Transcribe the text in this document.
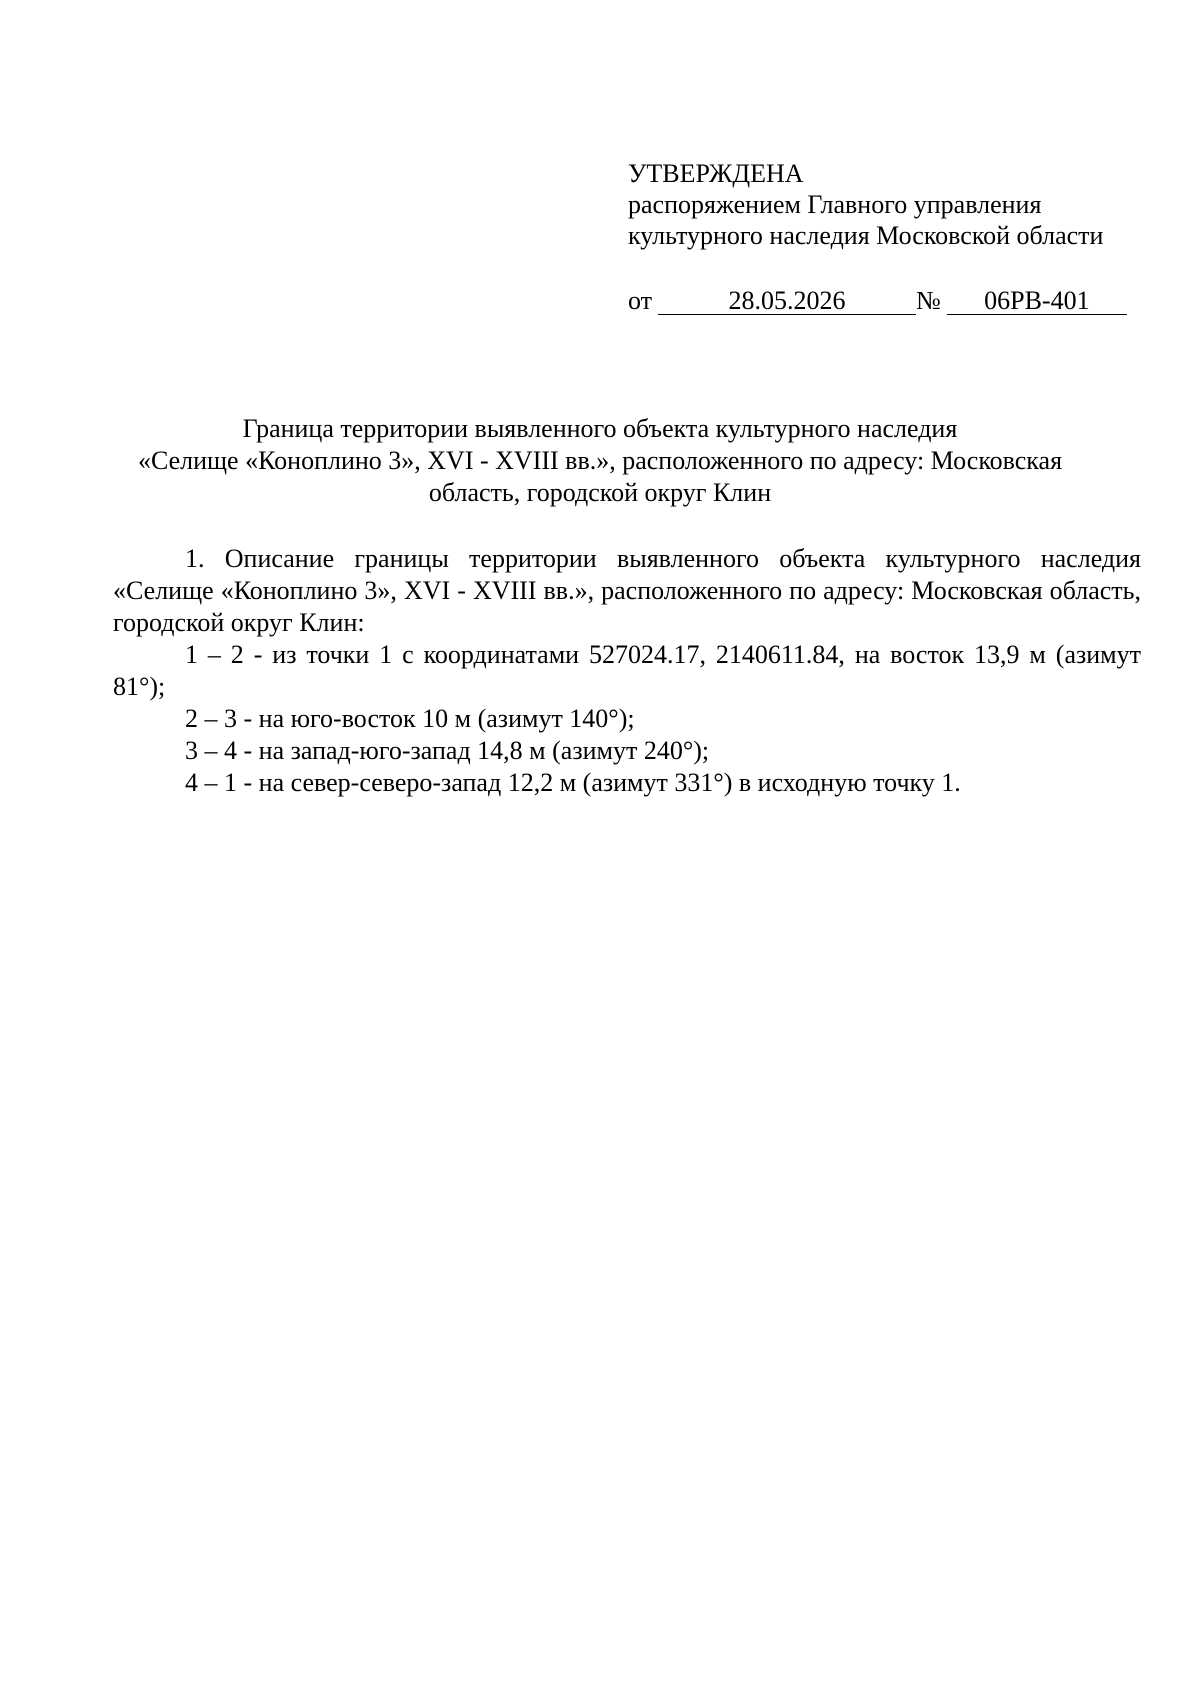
УТВЕРЖДЕНА
распоряжением Главного управления
культурного наследия Московской области
от	28.05.2026	№ 06РВ-401
Граница территории выявленного объекта культурного наследия
«Селище «Коноплино 3», XVI - XVIII вв.», расположенного по адресу: Московская
область, городской округ Клин

1. Описание границы территории выявленного объекта культурного наследия «Селище «Коноплино 3», XVI - XVIII вв.», расположенного по адресу: Московская область, городской округ Клин:

1 – 2 - из точки 1 с координатами 527024.17, 2140611.84, на восток 13,9 м (азимут 81°);

2 – 3 - на юго-восток 10 м (азимут 140°);

3 – 4 - на запад-юго-запад 14,8 м (азимут 240°);

4 – 1 - на север-северо-запад 12,2 м (азимут 331°) в исходную точку 1.
